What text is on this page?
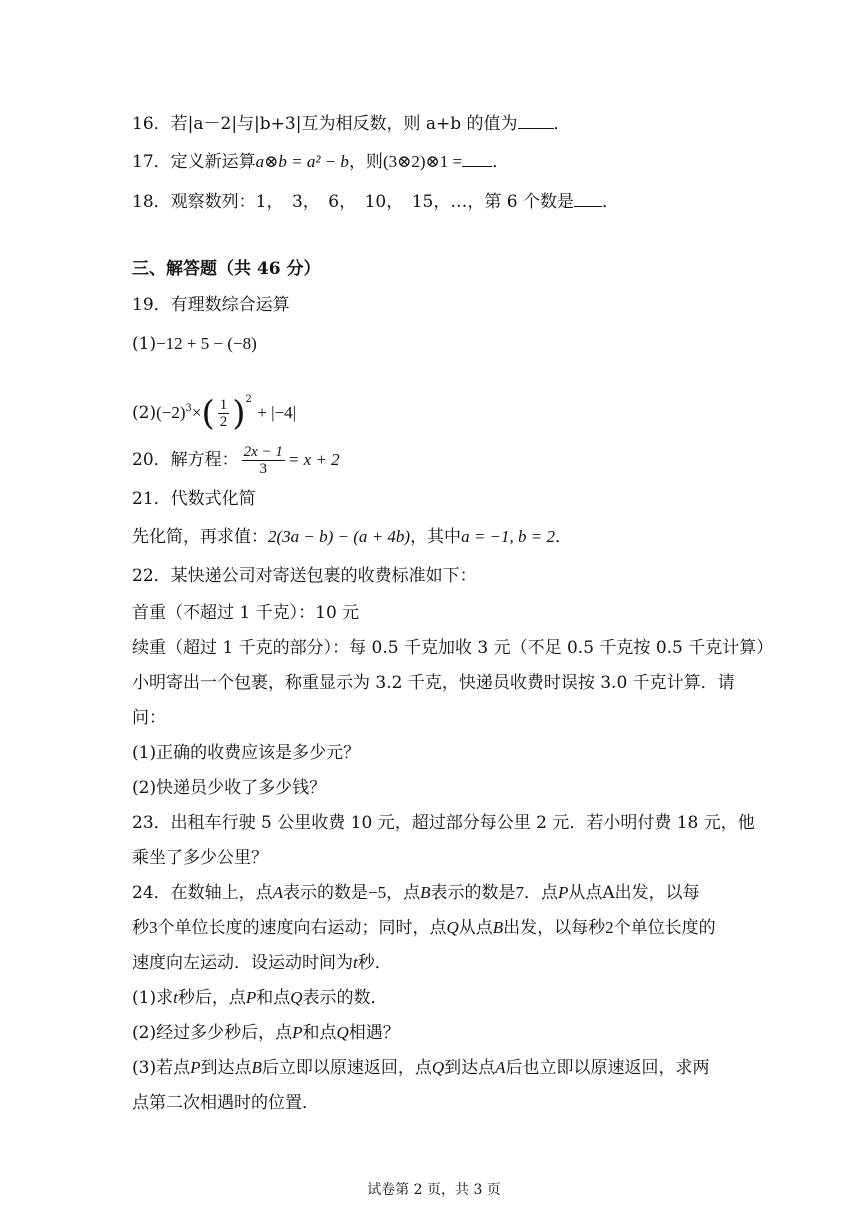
16．若|a－2|与|b+3|互为相反数，则 a+b 的值为 ．
17．定义新运算a⊗b = a² − b，则(3⊗2)⊗1 = ．
18．观察数列：1，　3，　6，　10，　15，…，第 6 个数是 ．
三、解答题（共 46 分）
19．有理数综合运算
(1)−12 + 5 − (−8)
$(2)(-2)^3\times( \frac{1}{2} )^2 + |-4|$
20．解方程： $\frac{2x - 1}{3} = x + 2$
21．代数式化简
先化简，再求值：2(3a − b) − (a + 4b)，其中a = −1, b = 2．
22．某快递公司对寄送包裹的收费标准如下：
首重（不超过 1 千克）：10 元
续重（超过 1 千克的部分）：每 0.5 千克加收 3 元（不足 0.5 千克按 0.5 千克计算）
小明寄出一个包裹，称重显示为 3.2 千克，快递员收费时误按 3.0 千克计算．请
问：
(1)正确的收费应该是多少元？
(2)快递员少收了多少钱？
23．出租车行驶 5 公里收费 10 元，超过部分每公里 2 元．若小明付费 18 元，他
乘坐了多少公里？
24．在数轴上，点A表示的数是−5，点B表示的数是7．点P从点A出发，以每
秒3个单位长度的速度向右运动；同时，点Q从点B出发，以每秒2个单位长度的
速度向左运动．设运动时间为t秒．
(1)求t秒后，点P和点Q表示的数．
(2)经过多少秒后，点P和点Q相遇？
(3)若点P到达点B后立即以原速返回，点Q到达点A后也立即以原速返回，求两
点第二次相遇时的位置．
试卷第 2 页，共 3 页
